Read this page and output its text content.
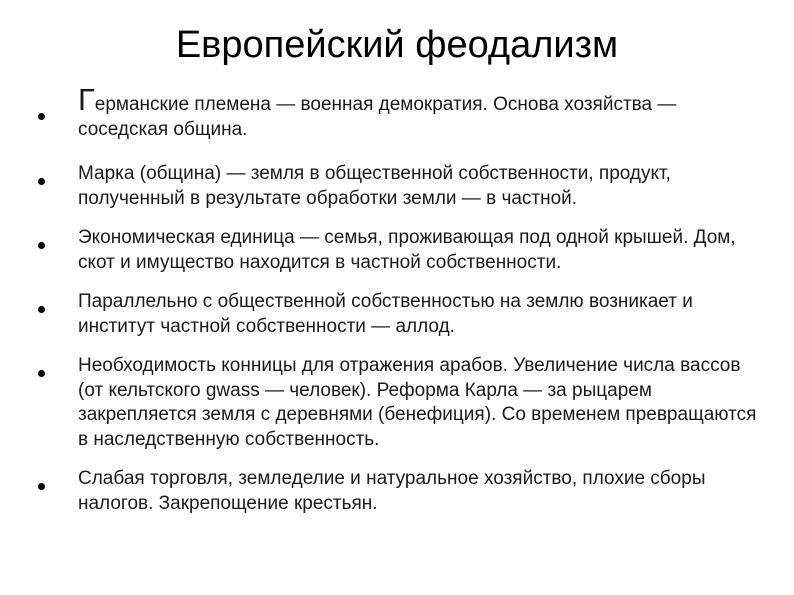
Европейский феодализм
Германские племена — военная демократия. Основа хозяйства — соседская община.
Марка (община) — земля в общественной собственности, продукт, полученный в результате обработки земли — в частной.
Экономическая единица — семья, проживающая под одной крышей. Дом, скот и имущество находится в частной собственности.
Параллельно с общественной собственностью на землю возникает и институт частной собственности — аллод.
Необходимость конницы для отражения арабов. Увеличение числа вассов (от кельтского gwass — человек). Реформа Карла — за рыцарем закрепляется земля с деревнями (бенефиция). Со временем превращаются в наследственную собственность.
Слабая торговля, земледелие и натуральное хозяйство, плохие сборы налогов. Закрепощение крестьян.
